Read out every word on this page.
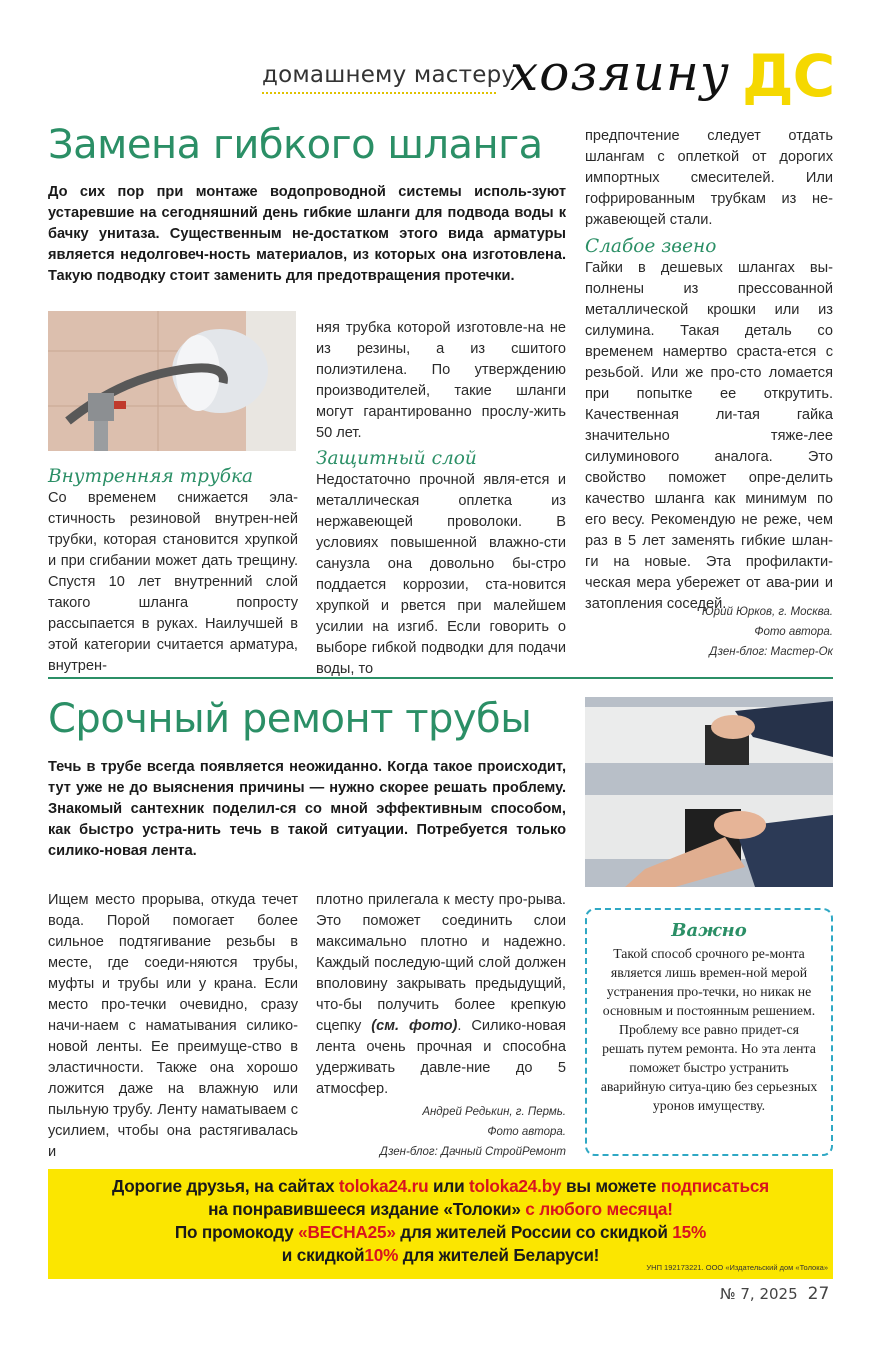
домашнему мастеру
хозяину ДС
Замена гибкого шланга
До сих пор при монтаже водопроводной системы исполь-зуют устаревшие на сегодняшний день гибкие шланги для подвода воды к бачку унитаза. Существенным не-достатком этого вида арматуры является недолговеч-ность материалов, из которых она изготовлена. Такую подводку стоит заменить для предотвращения протечки.
Внутренняя трубка
Со временем снижается эла-стичность резиновой внутрен-ней трубки, которая становится хрупкой и при сгибании может дать трещину. Спустя 10 лет внутренний слой такого шланга попросту рассыпается в руках. Наилучшей в этой категории считается арматура, внутрен-
няя трубка которой изготовле-на не из резины, а из сшитого полиэтилена. По утверждению производителей, такие шланги могут гарантированно прослу-жить 50 лет.
Защитный слой
Недостаточно прочной явля-ется и металлическая оплетка из нержавеющей проволоки. В условиях повышенной влажно-сти санузла она довольно бы-стро поддается коррозии, ста-новится хрупкой и рвется при малейшем усилии на изгиб. Если говорить о выборе гибкой подводки для подачи воды, то
предпочтение следует отдать шлангам с оплеткой от дорогих импортных смесителей. Или гофрированным трубкам из не-ржавеющей стали.
Слабое звено
Гайки в дешевых шлангах вы-полнены из прессованной металлической крошки или из силумина. Такая деталь со временем намертво сраста-ется с резьбой. Или же про-сто ломается при попытке ее открутить. Качественная ли-тая гайка значительно тяже-лее силуминового аналога. Это свойство поможет опре-делить качество шланга как минимум по его весу. Рекомендую не реже, чем раз в 5 лет заменять гибкие шлан-ги на новые. Эта профилакти-ческая мера убережет от ава-рии и затопления соседей.
Юрий Юрков, г. Москва.
Фото автора.
Дзен-блог: Мастер-Ок
Срочный ремонт трубы
Течь в трубе всегда появляется неожиданно. Когда такое происходит, тут уже не до выяснения причины — нужно скорее решать проблему. Знакомый сантехник поделил-ся со мной эффективным способом, как быстро устра-нить течь в такой ситуации. Потребуется только силико-новая лента.
Ищем место прорыва, откуда течет вода. Порой помогает более сильное подтягивание резьбы в месте, где соеди-няются трубы, муфты и трубы или у крана. Если место про-течки очевидно, сразу начи-наем с наматывания силико-новой ленты. Ее преимуще-ство в эластичности. Также она хорошо ложится даже на влажную или пыльную трубу. Ленту наматываем с усилием, чтобы она растягивалась и
плотно прилегала к месту про-рыва. Это поможет соединить слои максимально плотно и надежно. Каждый последую-щий слой должен вполовину закрывать предыдущий, что-бы получить более крепкую сцепку (см. фото). Силико-новая лента очень прочная и способна удерживать давле-ние до 5 атмосфер.
Андрей Редькин, г. Пермь.
Фото автора.
Дзен-блог: Дачный СтройРемонт
Важно
Такой способ срочного ре-монта является лишь времен-ной мерой устранения про-течки, но никак не основным и постоянным решением. Проблему все равно придет-ся решать путем ремонта. Но эта лента поможет быстро устранить аварийную ситуа-цию без серьезных уронов имуществу.
Дорогие друзья, на сайтах toloka24.ru или toloka24.by вы можете подписаться
на понравившееся издание «Толоки» с любого месяца!
По промокоду «ВЕСНА25» для жителей России со скидкой 15%
и скидкой10% для жителей Беларуси!
УНП 192173221. ООО «Издательский дом «Толока»
№ 7, 2025 27
